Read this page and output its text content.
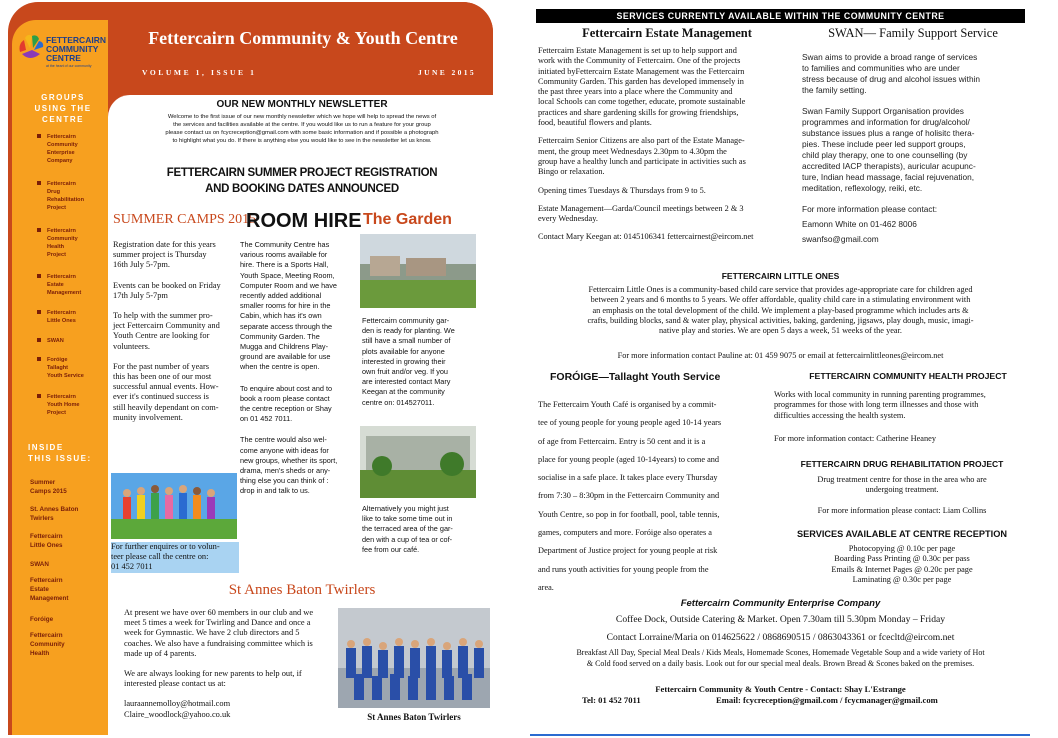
FETTERCAIRN
COMMUNITY
CENTRE
at the heart of our community
Fettercairn Community & Youth Centre
VOLUME 1, ISSUE 1	JUNE 2015
GROUPS
USING THE
CENTRE
Fettercairn
Community
Enterprise
Company
Fettercairn
Drug
Rehabilitation
Project
Fettercairn
Community
Health
Project
Fettercairn
Estate
Management
Fettercairn
Little Ones
SWAN
Foróige
Tallaght
Youth Service
Fettercairn
Youth Home
Project
INSIDE
THIS ISSUE:
Summer
Camps 2015
St. Annes Baton
Twirlers
Fettercairn
Little Ones
SWAN
Fettercairn
Estate
Management
Foróige
Fettercairn
Community
Health
OUR NEW MONTHLY NEWSLETTER
Welcome to the first issue of our new monthly newsletter which we hope will help to spread the news of
the services and facilities available at the centre. If you would like us to run a feature for your group
please contact us on fcycreception@gmail.com with some basic information and if possible a photograph
to highlight what you do. If there is anything else you would like to see in the newsletter let us know.
FETTERCAIRN SUMMER PROJECT REGISTRATION
AND BOOKING DATES ANNOUNCED
SUMMER CAMPS 2015
Registration date for this years
summer project is Thursday
16th July 5-7pm.
Events can be booked on Friday
17th July 5-7pm
To help with the summer pro-
ject Fettercairn Community and
Youth Centre are looking for
volunteers.
For the past number of years
this has been one of our most
successful annual events. How-
ever it's continued success is
still heavily dependant on com-
munity involvement.
For further enquires or to volun-
teer please call the centre on:
01 452 7011
ROOM HIRE
The Community Centre has
various rooms available for
hire. There is a Sports Hall,
Youth Space, Meeting Room,
Computer Room and we have
recently added additional
smaller rooms for hire in the
Cabin, which has it's own
separate access through the
Community Garden. The
Mugga and Childrens Play-
ground are available for use
when the centre is open.
To enquire about cost and to
book a room please contact
the centre reception or Shay
on 01 452 7011.
The centre would also wel-
come anyone with ideas for
new groups, whether its sport,
drama, men's sheds or any-
thing else you can think of :
drop in and talk to us.
The Garden
Fettercairn community gar-
den is ready for planting. We
still have a small number of
plots available for anyone
interested in growing their
own fruit and/or veg. If you
are interested contact Mary
Keegan at the community
centre on: 014527011.
Alternatively you might just
like to take some time out in
the terraced area of the gar-
den with a cup of tea or cof-
fee from our café.
St Annes Baton Twirlers
At present we have over 60 members in our club and we
meet 5 times a week for Twirling and Dance and once a
week for Gymnastic. We have 2 club directors and 5
coaches. We also have a fundraising committee which is
made up of 4 parents.
We are always looking for new parents to help out, if
interested please contact us at:
lauraannemolloy@hotmail.com
Claire_woodlock@yahoo.co.uk	St Annes Baton Twirlers
SERVICES CURRENTLY AVAILABLE WITHIN THE COMMUNITY CENTRE
Fettercairn Estate Management
Fettercairn Estate Management is set up to help support and
work with the Community of Fettercairn. One of the projects
initiated byFettercairn Estate Management was the Fettercairn
Community Garden. This garden has developed immensely in
the past three years into a place where the Community and
local Schools can come together, educate, promote sustainable
practices and share gardening skills for growing friendships,
food, beautiful flowers and plants.
Fettercairn Senior Citizens are also part of the Estate Manage-
ment, the group meet Wednesdays 2.30pm to 4.30pm the
group have a healthy lunch and participate in activities such as
Bingo or relaxation.
Opening times Tuesdays & Thursdays from 9 to 5.
Estate Management—Garda/Council meetings between 2 & 3
every Wednesday.
Contact Mary Keegan at: 0145106341 fettercairnest@eircom.net
SWAN— Family Support Service
Swan aims to provide a broad range of services
to families and communities who are under
stress because of drug and alcohol issues within
the family setting.
Swan Family Support Organisation provides
programmes and information for drug/alcohol/
substance issues plus a range of holisitc thera-
pies. These include peer led support groups,
child play therapy, one to one counselling (by
accredited IACP therapists), auricular acupunc-
ture, Indian head massage, facial rejuvenation,
meditation, reflexology, reiki, etc.
For more information please contact:
Eamonn White on 01-462 8006
swanfso@gmail.com
FETTERCAIRN LITTLE ONES
Fettercairn Little Ones is a community-based child care service that provides age-appropriate care for children aged
between 2 years and 6 months to 5 years. We offer affordable, quality child care in a stimulating environment with
an emphasis on the total development of the child. We implement a play-based programme which includes arts &
crafts, building blocks, sand & water play, physical activities, baking, gardening, jigsaws, play dough, music, imagi-
native play and stories. We are open 5 days a week, 51 weeks of the year.
For more information contact Pauline at: 01 459 9075 or email at fettercairnlittleones@eircom.net
FORÓIGE—Tallaght Youth Service
The Fettercairn Youth Café is organised by a commit-
tee of young people for young people aged 10-14 years
of age from Fettercairn. Entry is 50 cent and it is a
place for young people (aged 10-14years) to come and
socialise in a safe place. It takes place every Thursday
from 7:30 – 8:30pm in the Fettercairn Community and
Youth Centre, so pop in for football, pool, table tennis,
games, computers and more. Foróige also operates a
Department of Justice project for young people at risk
and runs youth activities for young people from the
area.
FETTERCAIRN COMMUNITY HEALTH PROJECT
Works with local community in running parenting programmes,
programmes for those with long term illnesses and those with
difficulties accessing the health system.
For more information contact: Catherine Heaney
FETTERCAIRN DRUG REHABILITATION PROJECT
Drug treatment centre for those in the area who are
undergoing treatment.
For more information please contact: Liam Collins
SERVICES AVAILABLE AT CENTRE RECEPTION
Photocopying @ 0.10c per page
Boarding Pass Printing @ 0.30c per pass
Emails & Internet Pages @ 0.20c per page
Laminating @ 0.30c per page
Fettercairn Community Enterprise Company
Coffee Dock, Outside Catering & Market. Open 7.30am till 5.30pm Monday – Friday
Contact Lorraine/Maria on 014625622 / 0868690515 / 0863043361 or fcecltd@eircom.net
Breakfast All Day, Special Meal Deals / Kids Meals, Homemade Scones, Homemade Vegetable Soup and a wide variety of Hot
& Cold food served on a daily basis. Look out for our special meal deals. Brown Bread & Scones baked on the premises.
Fettercairn Community & Youth Centre - Contact: Shay L'Estrange
Tel: 01 452 7011	Email: fcycreception@gmail.com / fcycmanager@gmail.com
